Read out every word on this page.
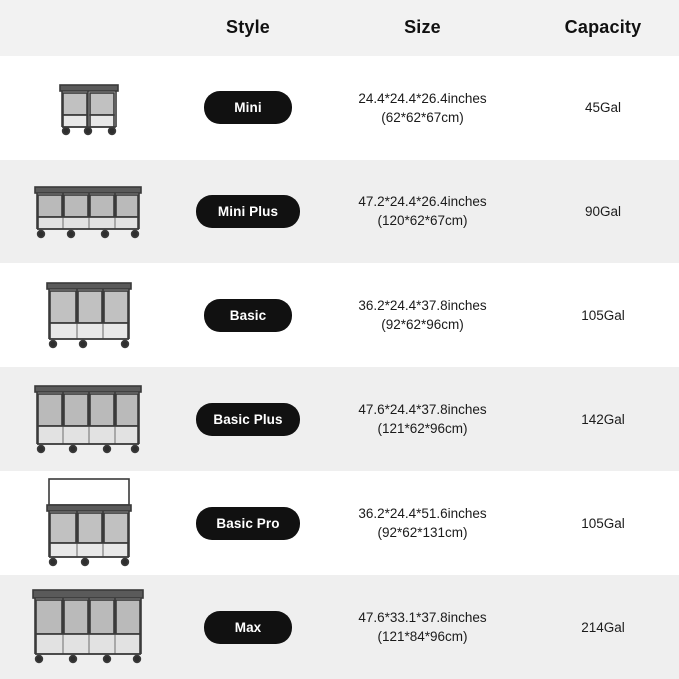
Style	Size	Capacity
Mini
24.4*24.4*26.4inches
(62*62*67cm)
45Gal
Mini Plus
47.2*24.4*26.4inches
(120*62*67cm)
90Gal
Basic
36.2*24.4*37.8inches
(92*62*96cm)
105Gal
Basic Plus
47.6*24.4*37.8inches
(121*62*96cm)
142Gal
Basic Pro
36.2*24.4*51.6inches
(92*62*131cm)
105Gal
Max
47.6*33.1*37.8inches
(121*84*96cm)
214Gal
